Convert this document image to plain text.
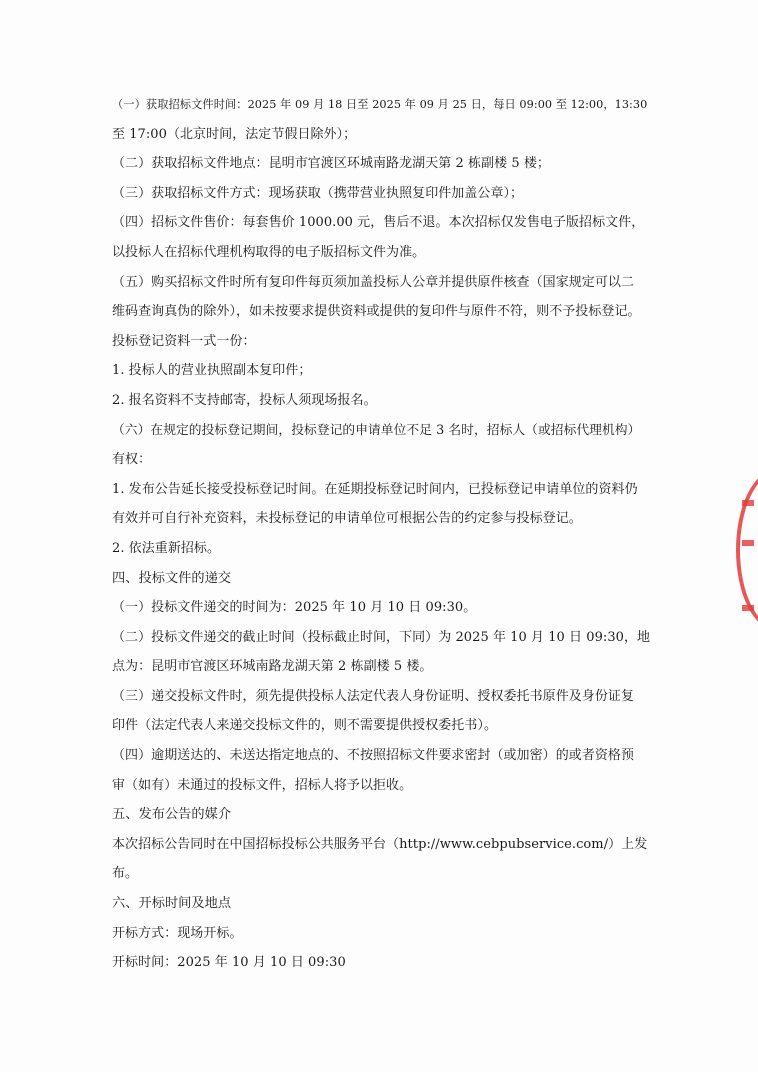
（一）获取招标文件时间：2025 年 09 月 18 日至 2025 年 09 月 25 日，每日 09:00 至 12:00，13:30
至 17:00（北京时间，法定节假日除外）；
（二）获取招标文件地点：昆明市官渡区环城南路龙湖天第 2 栋副楼 5 楼；
（三）获取招标文件方式：现场获取（携带营业执照复印件加盖公章）；
（四）招标文件售价：每套售价 1000.00 元，售后不退。本次招标仅发售电子版招标文件，
以投标人在招标代理机构取得的电子版招标文件为准。
（五）购买招标文件时所有复印件每页须加盖投标人公章并提供原件核查（国家规定可以二
维码查询真伪的除外），如未按要求提供资料或提供的复印件与原件不符，则不予投标登记。
投标登记资料一式一份：
1. 投标人的营业执照副本复印件；
2. 报名资料不支持邮寄，投标人须现场报名。
（六）在规定的投标登记期间，投标登记的申请单位不足 3 名时，招标人（或招标代理机构）
有权：
1. 发布公告延长接受投标登记时间。在延期投标登记时间内，已投标登记申请单位的资料仍
有效并可自行补充资料，未投标登记的申请单位可根据公告的约定参与投标登记。
2. 依法重新招标。
四、投标文件的递交
（一）投标文件递交的时间为：2025 年 10 月 10 日 09:30。
（二）投标文件递交的截止时间（投标截止时间，下同）为 2025 年 10 月 10 日 09:30，地
点为：昆明市官渡区环城南路龙湖天第 2 栋副楼 5 楼。
（三）递交投标文件时，须先提供投标人法定代表人身份证明、授权委托书原件及身份证复
印件（法定代表人来递交投标文件的，则不需要提供授权委托书）。
（四）逾期送达的、未送达指定地点的、不按照招标文件要求密封（或加密）的或者资格预
审（如有）未通过的投标文件，招标人将予以拒收。
五、发布公告的媒介
本次招标公告同时在中国招标投标公共服务平台（http://www.cebpubservice.com/）上发
布。
六、开标时间及地点
开标方式：现场开标。
开标时间：2025 年 10 月 10 日 09:30
